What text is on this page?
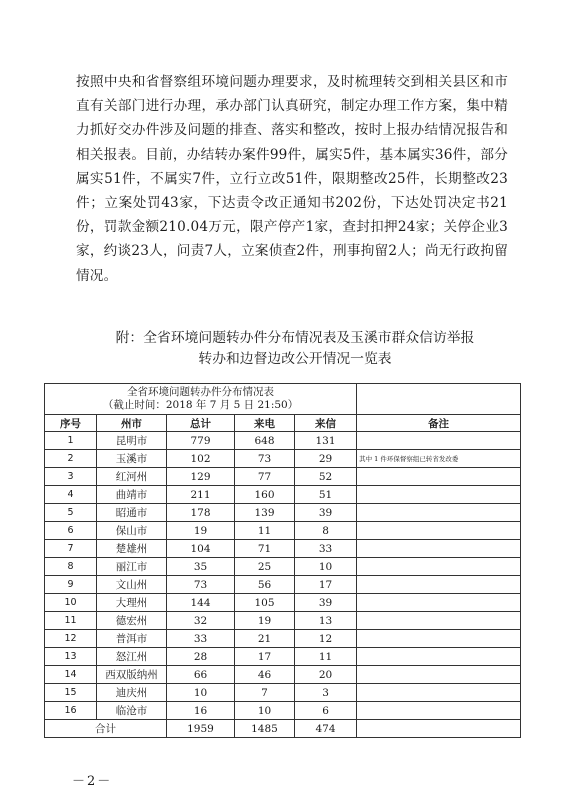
按照中央和省督察组环境问题办理要求，及时梳理转交到相关县区和市直有关部门进行办理，承办部门认真研究，制定办理工作方案，集中精力抓好交办件涉及问题的排查、落实和整改，按时上报办结情况报告和相关报表。目前，办结转办案件99件，属实5件，基本属实36件，部分属实51件，不属实7件，立行立改51件，限期整改25件，长期整改23件；立案处罚43家，下达责令改正通知书202份，下达处罚决定书21份，罚款金额210.04万元，限产停产1家，查封扣押24家；关停企业3家，约谈23人，问责7人，立案侦查2件，刑事拘留2人；尚无行政拘留情况。
附：全省环境问题转办件分布情况表及玉溪市群众信访举报
转办和边督边改公开情况一览表
全省环境问题转办件分布情况表
（截止时间：2018 年 7 月 5 日 21:50）					

序号	州市	总计	来电	来信	备注
1	昆明市	779	648	131	
2	玉溪市	102	73	29	其中 1 件环保督察组已转省发改委
3	红河州	129	77	52	
4	曲靖市	211	160	51	
5	昭通市	178	139	39	
6	保山市	19	11	8	
7	楚雄州	104	71	33	
8	丽江市	35	25	10	
9	文山州	73	56	17	
10	大理州	144	105	39	
11	德宏州	32	19	13	
12	普洱市	33	21	12	
13	怒江州	28	17	11	
14	西双版纳州	66	46	20	
15	迪庆州	10	7	3	
16	临沧市	16	10	6	
合计		1959	1485	474	
－2－
